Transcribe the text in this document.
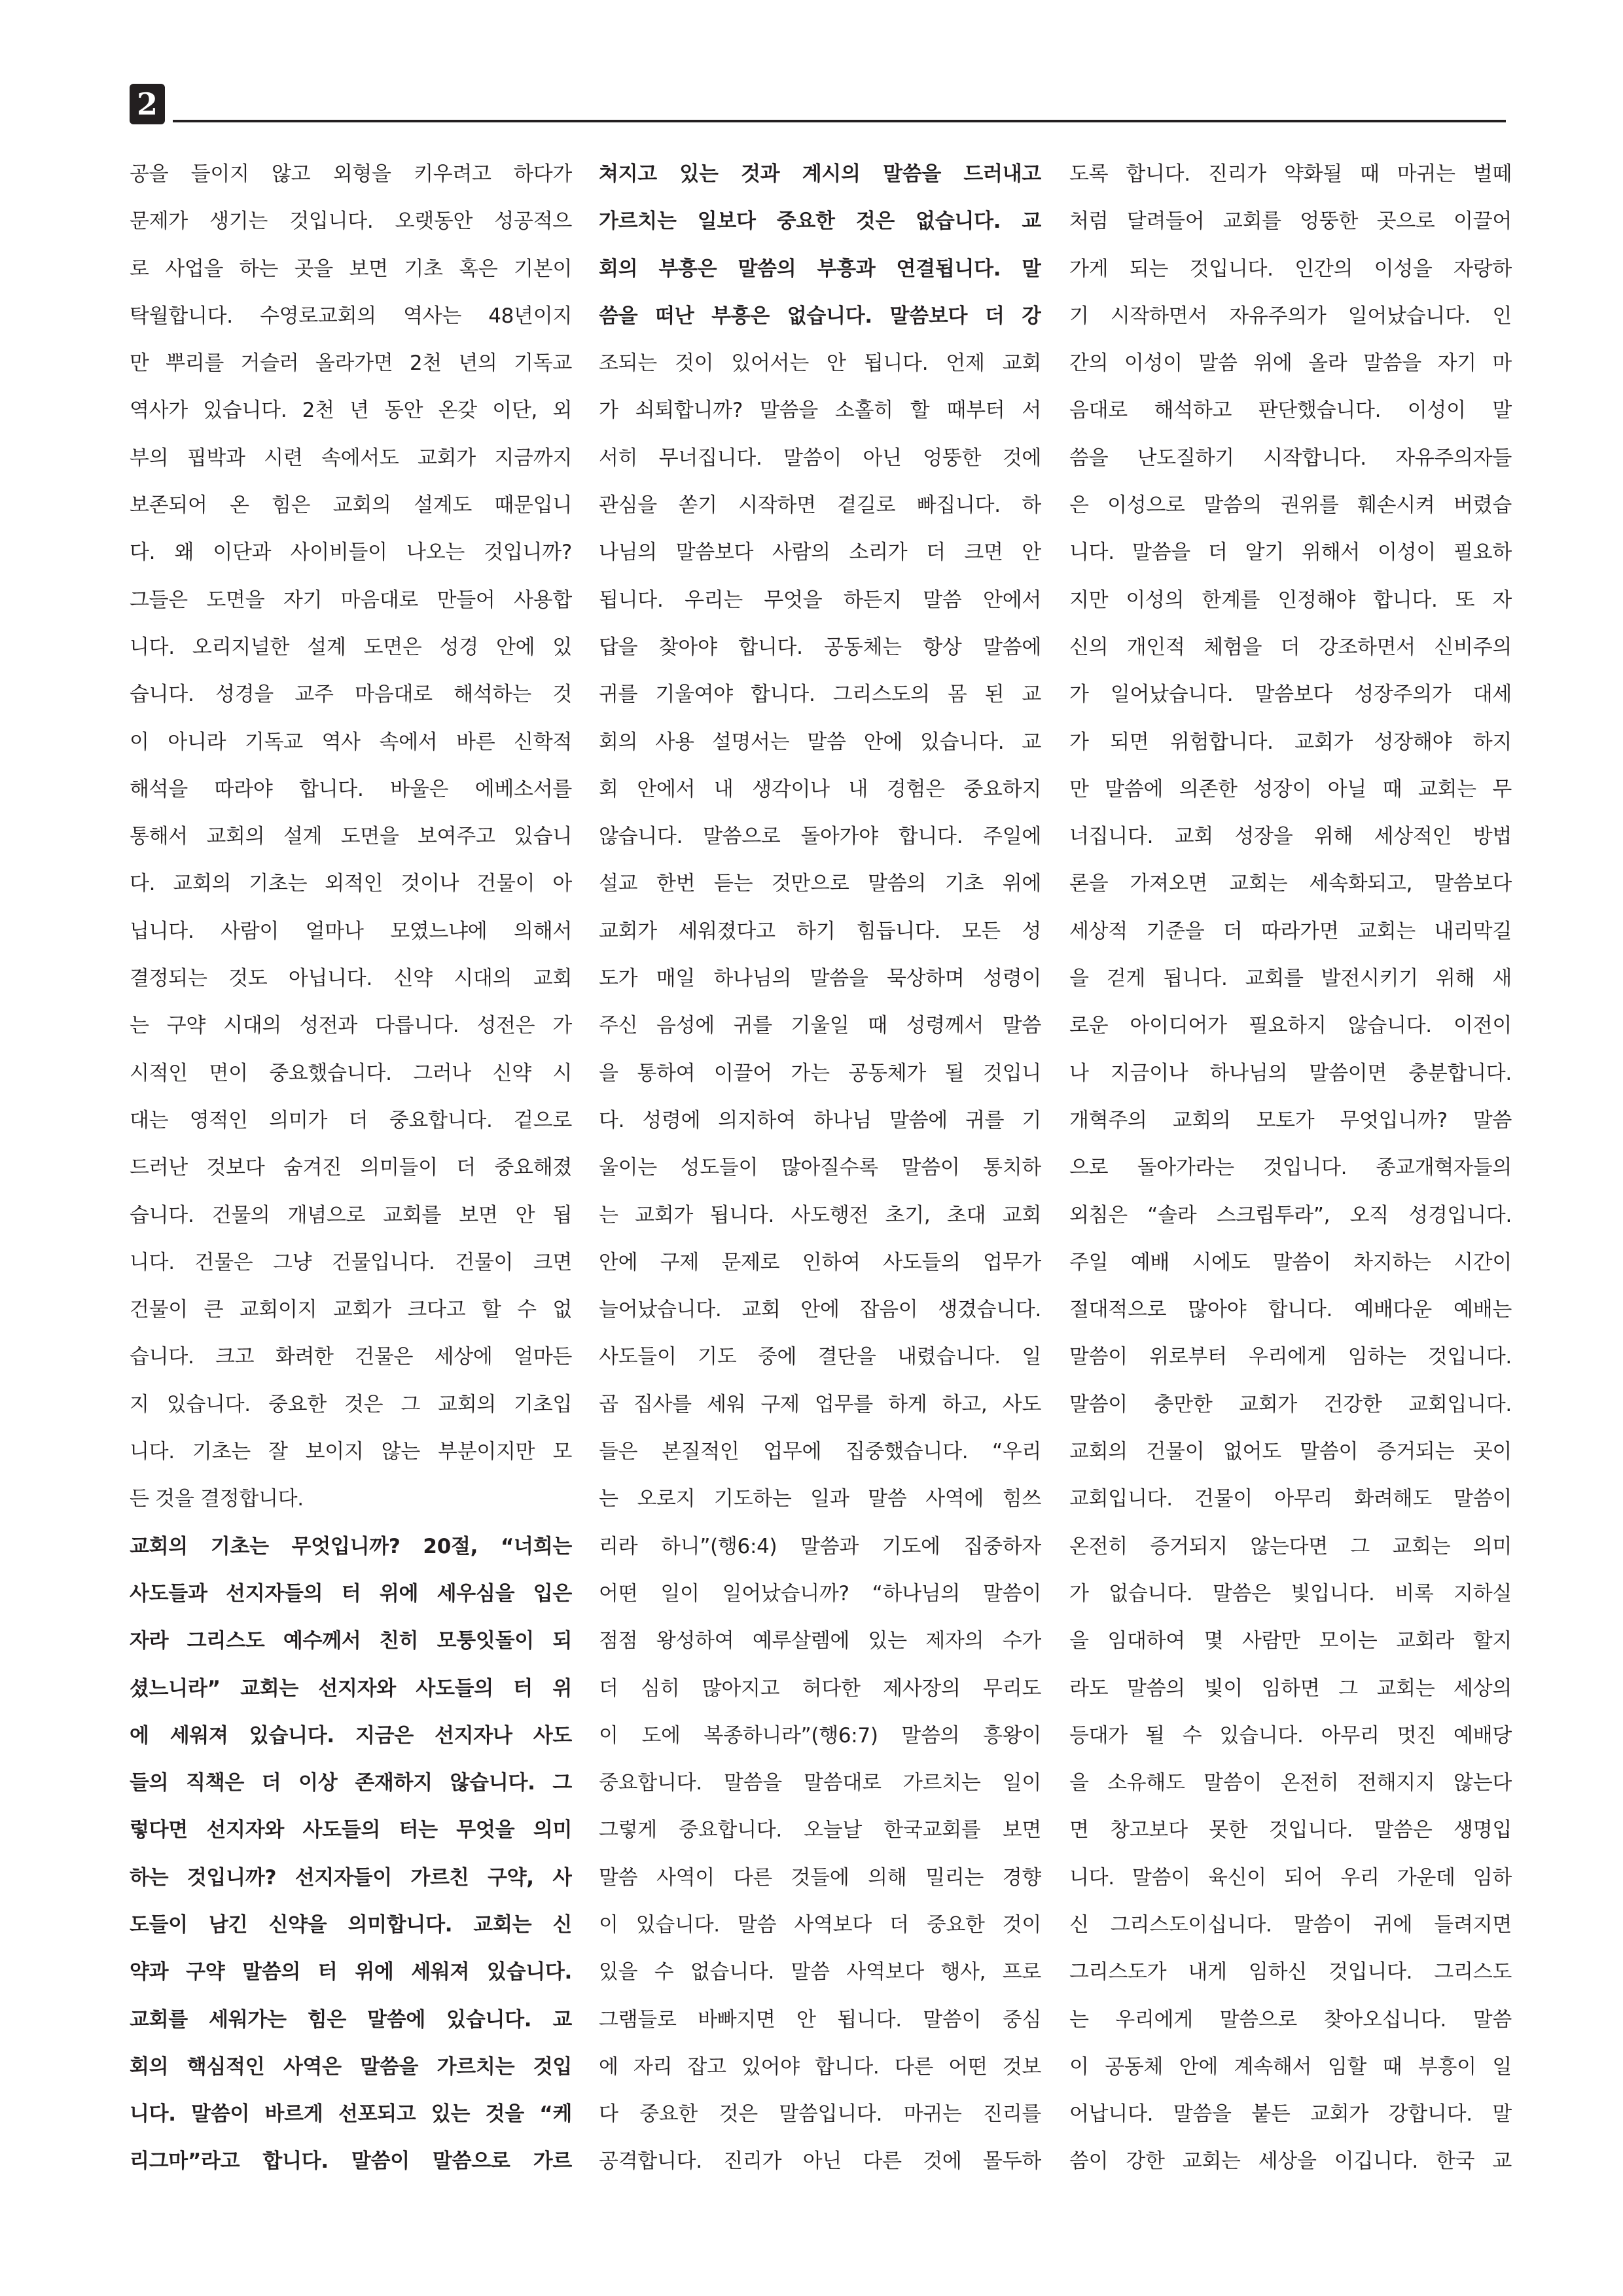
2
공을 들이지 않고 외형을 키우려고 하다가
문제가 생기는 것입니다. 오랫동안 성공적으
로 사업을 하는 곳을 보면 기초 혹은 기본이
탁월합니다. 수영로교회의 역사는 48년이지
만 뿌리를 거슬러 올라가면 2천 년의 기독교
역사가 있습니다. 2천 년 동안 온갖 이단, 외
부의 핍박과 시련 속에서도 교회가 지금까지
보존되어 온 힘은 교회의 설계도 때문입니
다. 왜 이단과 사이비들이 나오는 것입니까?
그들은 도면을 자기 마음대로 만들어 사용합
니다. 오리지널한 설계 도면은 성경 안에 있
습니다. 성경을 교주 마음대로 해석하는 것
이 아니라 기독교 역사 속에서 바른 신학적
해석을 따라야 합니다. 바울은 에베소서를
통해서 교회의 설계 도면을 보여주고 있습니
다. 교회의 기초는 외적인 것이나 건물이 아
닙니다. 사람이 얼마나 모였느냐에 의해서
결정되는 것도 아닙니다. 신약 시대의 교회
는 구약 시대의 성전과 다릅니다. 성전은 가
시적인 면이 중요했습니다. 그러나 신약 시
대는 영적인 의미가 더 중요합니다. 겉으로
드러난 것보다 숨겨진 의미들이 더 중요해졌
습니다. 건물의 개념으로 교회를 보면 안 됩
니다. 건물은 그냥 건물입니다. 건물이 크면
건물이 큰 교회이지 교회가 크다고 할 수 없
습니다. 크고 화려한 건물은 세상에 얼마든
지 있습니다. 중요한 것은 그 교회의 기초입
니다. 기초는 잘 보이지 않는 부분이지만 모
든 것을 결정합니다.
교회의 기초는 무엇입니까? 20절, “너희는
사도들과 선지자들의 터 위에 세우심을 입은
자라 그리스도 예수께서 친히 모퉁잇돌이 되
셨느니라” 교회는 선지자와 사도들의 터 위
에 세워져 있습니다. 지금은 선지자나 사도
들의 직책은 더 이상 존재하지 않습니다. 그
렇다면 선지자와 사도들의 터는 무엇을 의미
하는 것입니까? 선지자들이 가르친 구약, 사
도들이 남긴 신약을 의미합니다. 교회는 신
약과 구약 말씀의 터 위에 세워져 있습니다.
교회를 세워가는 힘은 말씀에 있습니다. 교
회의 핵심적인 사역은 말씀을 가르치는 것입
니다. 말씀이 바르게 선포되고 있는 것을 “케
리그마”라고 합니다. 말씀이 말씀으로 가르
쳐지고 있는 것과 계시의 말씀을 드러내고
가르치는 일보다 중요한 것은 없습니다. 교
회의 부흥은 말씀의 부흥과 연결됩니다. 말
씀을 떠난 부흥은 없습니다. 말씀보다 더 강
조되는 것이 있어서는 안 됩니다. 언제 교회
가 쇠퇴합니까? 말씀을 소홀히 할 때부터 서
서히 무너집니다. 말씀이 아닌 엉뚱한 것에
관심을 쏟기 시작하면 곁길로 빠집니다. 하
나님의 말씀보다 사람의 소리가 더 크면 안
됩니다. 우리는 무엇을 하든지 말씀 안에서
답을 찾아야 합니다. 공동체는 항상 말씀에
귀를 기울여야 합니다. 그리스도의 몸 된 교
회의 사용 설명서는 말씀 안에 있습니다. 교
회 안에서 내 생각이나 내 경험은 중요하지
않습니다. 말씀으로 돌아가야 합니다. 주일에
설교 한번 듣는 것만으로 말씀의 기초 위에
교회가 세워졌다고 하기 힘듭니다. 모든 성
도가 매일 하나님의 말씀을 묵상하며 성령이
주신 음성에 귀를 기울일 때 성령께서 말씀
을 통하여 이끌어 가는 공동체가 될 것입니
다. 성령에 의지하여 하나님 말씀에 귀를 기
울이는 성도들이 많아질수록 말씀이 통치하
는 교회가 됩니다. 사도행전 초기, 초대 교회
안에 구제 문제로 인하여 사도들의 업무가
늘어났습니다. 교회 안에 잡음이 생겼습니다.
사도들이 기도 중에 결단을 내렸습니다. 일
곱 집사를 세워 구제 업무를 하게 하고, 사도
들은 본질적인 업무에 집중했습니다. “우리
는 오로지 기도하는 일과 말씀 사역에 힘쓰
리라 하니”(행6:4) 말씀과 기도에 집중하자
어떤 일이 일어났습니까? “하나님의 말씀이
점점 왕성하여 예루살렘에 있는 제자의 수가
더 심히 많아지고 허다한 제사장의 무리도
이 도에 복종하니라”(행6:7) 말씀의 흥왕이
중요합니다. 말씀을 말씀대로 가르치는 일이
그렇게 중요합니다. 오늘날 한국교회를 보면
말씀 사역이 다른 것들에 의해 밀리는 경향
이 있습니다. 말씀 사역보다 더 중요한 것이
있을 수 없습니다. 말씀 사역보다 행사, 프로
그램들로 바빠지면 안 됩니다. 말씀이 중심
에 자리 잡고 있어야 합니다. 다른 어떤 것보
다 중요한 것은 말씀입니다. 마귀는 진리를
공격합니다. 진리가 아닌 다른 것에 몰두하
도록 합니다. 진리가 약화될 때 마귀는 벌떼
처럼 달려들어 교회를 엉뚱한 곳으로 이끌어
가게 되는 것입니다. 인간의 이성을 자랑하
기 시작하면서 자유주의가 일어났습니다. 인
간의 이성이 말씀 위에 올라 말씀을 자기 마
음대로 해석하고 판단했습니다. 이성이 말
씀을 난도질하기 시작합니다. 자유주의자들
은 이성으로 말씀의 권위를 훼손시켜 버렸습
니다. 말씀을 더 알기 위해서 이성이 필요하
지만 이성의 한계를 인정해야 합니다. 또 자
신의 개인적 체험을 더 강조하면서 신비주의
가 일어났습니다. 말씀보다 성장주의가 대세
가 되면 위험합니다. 교회가 성장해야 하지
만 말씀에 의존한 성장이 아닐 때 교회는 무
너집니다. 교회 성장을 위해 세상적인 방법
론을 가져오면 교회는 세속화되고, 말씀보다
세상적 기준을 더 따라가면 교회는 내리막길
을 걷게 됩니다. 교회를 발전시키기 위해 새
로운 아이디어가 필요하지 않습니다. 이전이
나 지금이나 하나님의 말씀이면 충분합니다.
개혁주의 교회의 모토가 무엇입니까? 말씀
으로 돌아가라는 것입니다. 종교개혁자들의
외침은 “솔라 스크립투라”, 오직 성경입니다.
주일 예배 시에도 말씀이 차지하는 시간이
절대적으로 많아야 합니다. 예배다운 예배는
말씀이 위로부터 우리에게 임하는 것입니다.
말씀이 충만한 교회가 건강한 교회입니다.
교회의 건물이 없어도 말씀이 증거되는 곳이
교회입니다. 건물이 아무리 화려해도 말씀이
온전히 증거되지 않는다면 그 교회는 의미
가 없습니다. 말씀은 빛입니다. 비록 지하실
을 임대하여 몇 사람만 모이는 교회라 할지
라도 말씀의 빛이 임하면 그 교회는 세상의
등대가 될 수 있습니다. 아무리 멋진 예배당
을 소유해도 말씀이 온전히 전해지지 않는다
면 창고보다 못한 것입니다. 말씀은 생명입
니다. 말씀이 육신이 되어 우리 가운데 임하
신 그리스도이십니다. 말씀이 귀에 들려지면
그리스도가 내게 임하신 것입니다. 그리스도
는 우리에게 말씀으로 찾아오십니다. 말씀
이 공동체 안에 계속해서 임할 때 부흥이 일
어납니다. 말씀을 붙든 교회가 강합니다. 말
씀이 강한 교회는 세상을 이깁니다. 한국 교
